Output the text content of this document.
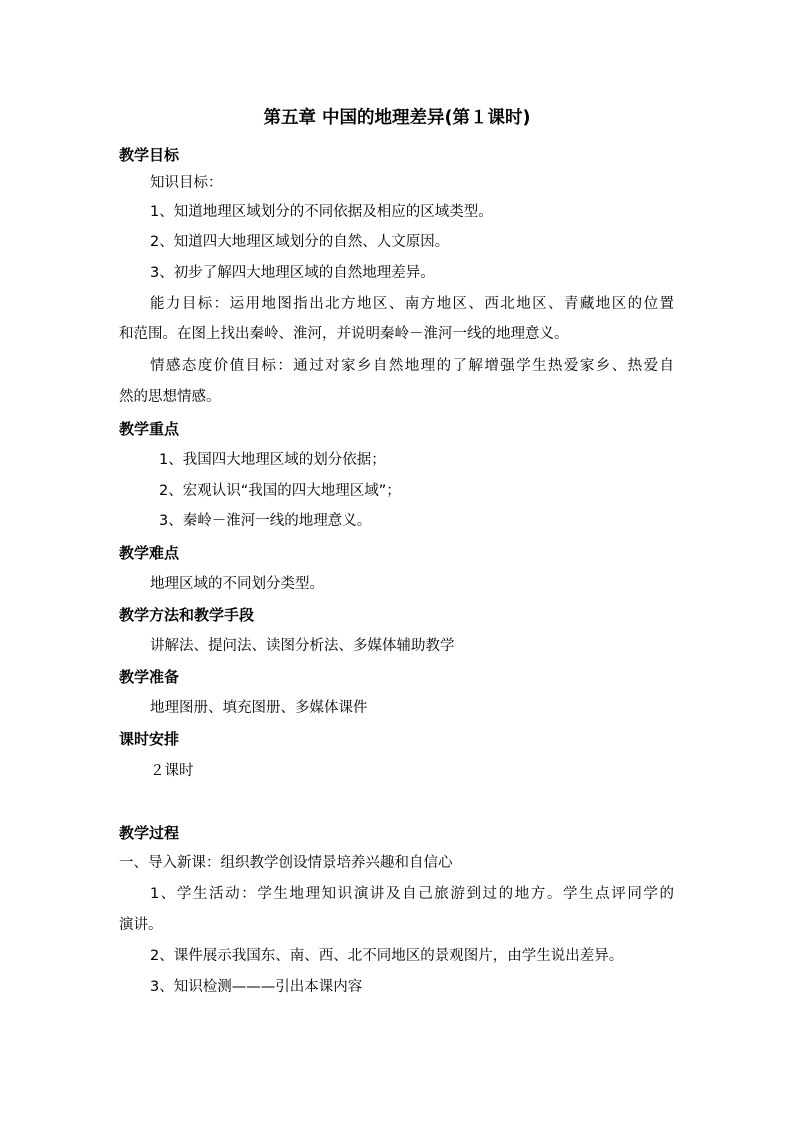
第五章 中国的地理差异(第１课时)
教学目标
知识目标：
1、知道地理区域划分的不同依据及相应的区域类型。
2、知道四大地理区域划分的自然、人文原因。
3、初步了解四大地理区域的自然地理差异。
能力目标：运用地图指出北方地区、南方地区、西北地区、青藏地区的位置
和范围。在图上找出秦岭、淮河，并说明秦岭－淮河一线的地理意义。
情感态度价值目标：通过对家乡自然地理的了解增强学生热爱家乡、热爱自
然的思想情感。
教学重点
1、我国四大地理区域的划分依据；
2、宏观认识“我国的四大地理区域”；
3、秦岭－淮河一线的地理意义。
教学难点
地理区域的不同划分类型。
教学方法和教学手段
讲解法、提问法、读图分析法、多媒体辅助教学
教学准备
地理图册、填充图册、多媒体课件
课时安排
２课时
教学过程
一、导入新课：组织教学创设情景培养兴趣和自信心
1、学生活动：学生地理知识演讲及自己旅游到过的地方。学生点评同学的
演讲。
2、课件展示我国东、南、西、北不同地区的景观图片，由学生说出差异。
3、知识检测———引出本课内容
